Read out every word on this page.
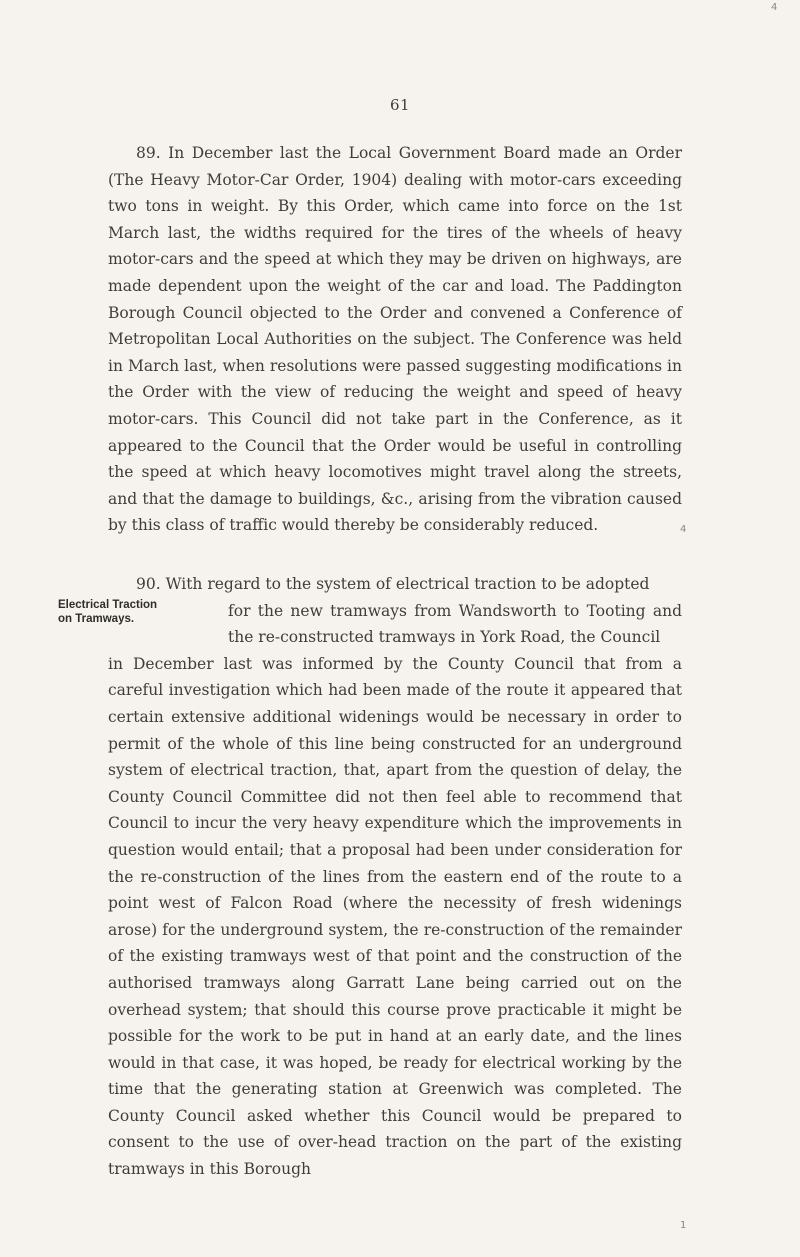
4
61
89. In December last the Local Government Board made an Order (The Heavy Motor-Car Order, 1904) dealing with motor-cars exceeding two tons in weight. By this Order, which came into force on the 1st March last, the widths required for the tires of the wheels of heavy motor-cars and the speed at which they may be driven on highways, are made dependent upon the weight of the car and load. The Paddington Borough Council objected to the Order and convened a Conference of Metropolitan Local Authorities on the subject. The Conference was held in March last, when resolutions were passed suggesting modifications in the Order with the view of reducing the weight and speed of heavy motor-cars. This Council did not take part in the Conference, as it appeared to the Council that the Order would be useful in controlling the speed at which heavy locomotives might travel along the streets, and that the damage to buildings, &c., arising from the vibration caused by this class of traffic would thereby be considerably reduced.	4
Electrical Traction on Tramways.
90. With regard to the system of electrical traction to be adopted
for the new tramways from Wandsworth to Tooting and the re-constructed tramways in York Road, the Council
in December last was informed by the County Council that from a careful investigation which had been made of the route it appeared that certain extensive additional widenings would be necessary in order to permit of the whole of this line being constructed for an underground system of electrical traction, that, apart from the question of delay, the County Council Committee did not then feel able to recommend that Council to incur the very heavy expenditure which the improvements in question would entail; that a proposal had been under consideration for the re-construction of the lines from the eastern end of the route to a point west of Falcon Road (where the necessity of fresh widenings arose) for the underground system, the re-construction of the remainder of the existing tramways west of that point and the construction of the authorised tramways along Garratt Lane being carried out on the overhead system; that should this course prove practicable it might be possible for the work to be put in hand at an early date, and the lines would in that case, it was hoped, be ready for electrical working by the time that the generating station at Greenwich was completed. The County Council asked whether this Council would be prepared to consent to the use of over-head traction on the part of the existing tramways in this Borough
1
